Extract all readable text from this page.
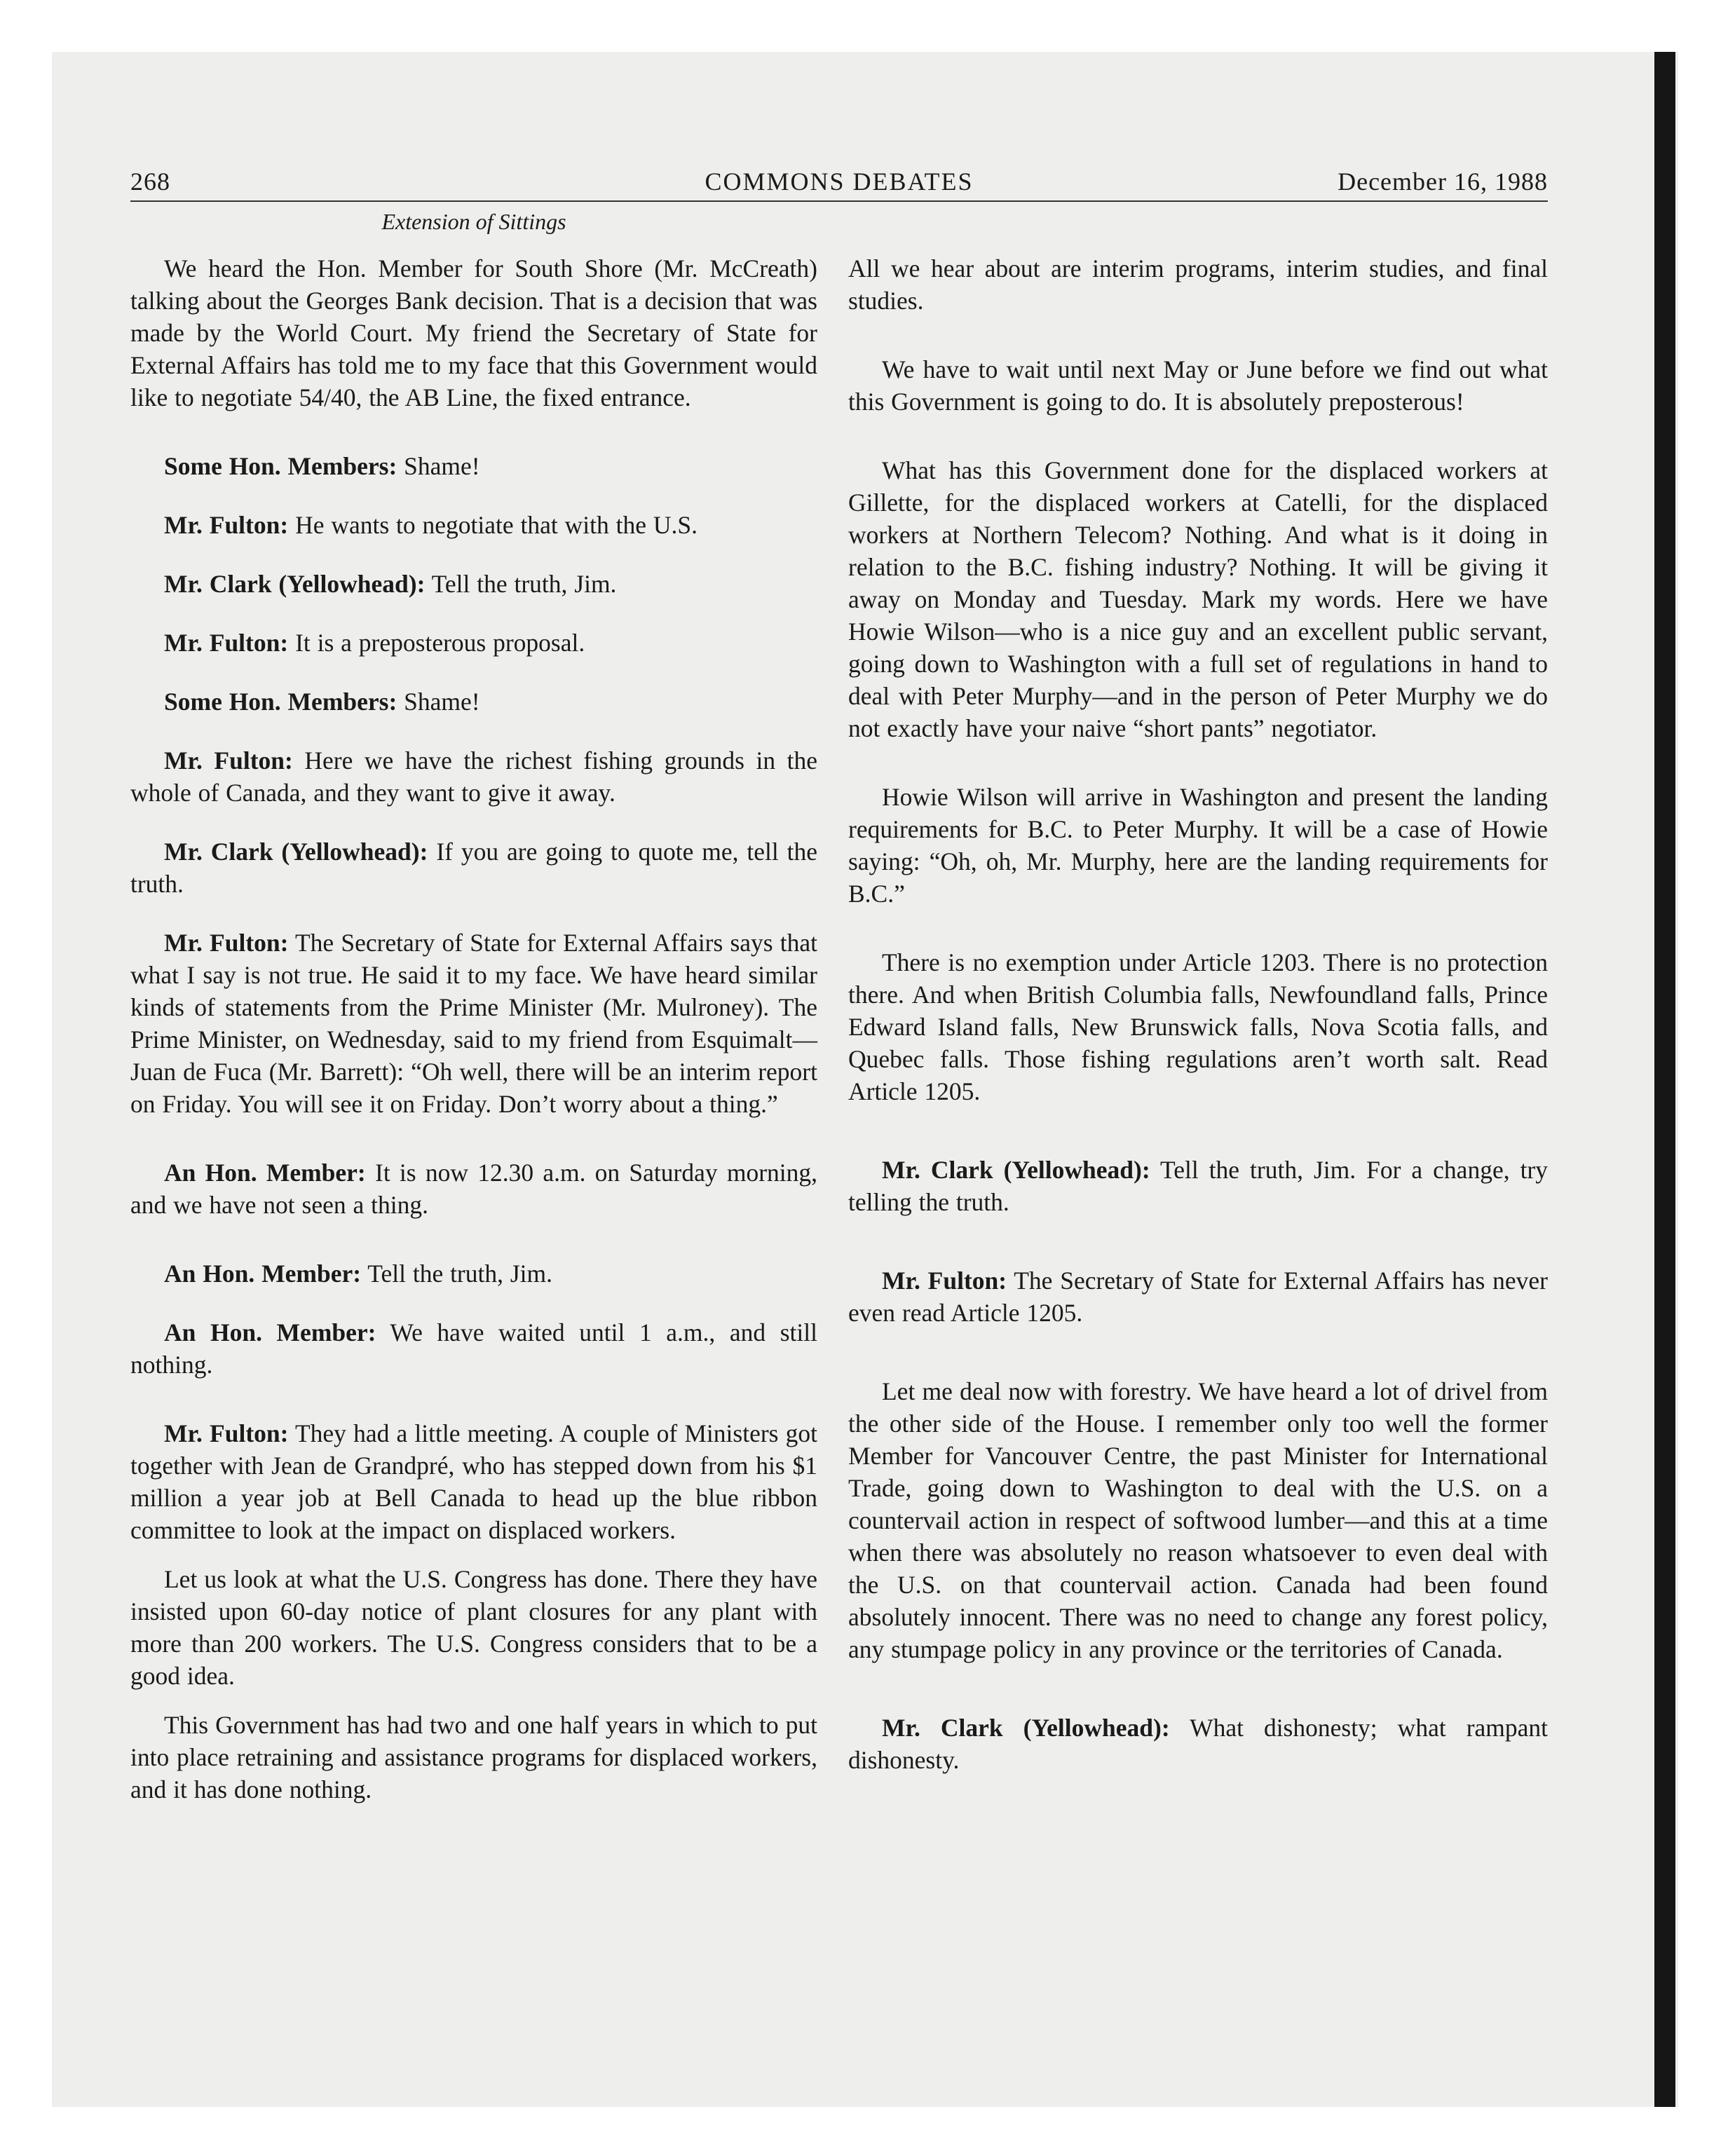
268	COMMONS DEBATES	December 16, 1988
Extension of Sittings

We heard the Hon. Member for South Shore (Mr. McCreath) talking about the Georges Bank decision. That is a decision that was made by the World Court. My friend the Secretary of State for External Affairs has told me to my face that this Government would like to negotiate 54/40, the AB Line, the fixed entrance.

Some Hon. Members: Shame!

Mr. Fulton: He wants to negotiate that with the U.S.

Mr. Clark (Yellowhead): Tell the truth, Jim.

Mr. Fulton: It is a preposterous proposal.

Some Hon. Members: Shame!

Mr. Fulton: Here we have the richest fishing grounds in the whole of Canada, and they want to give it away.

Mr. Clark (Yellowhead): If you are going to quote me, tell the truth.

Mr. Fulton: The Secretary of State for External Affairs says that what I say is not true. He said it to my face. We have heard similar kinds of statements from the Prime Minister (Mr. Mulroney). The Prime Minister, on Wednesday, said to my friend from Esquimalt—Juan de Fuca (Mr. Barrett): “Oh well, there will be an interim report on Friday. You will see it on Friday. Don’t worry about a thing.”

An Hon. Member: It is now 12.30 a.m. on Saturday morning, and we have not seen a thing.

An Hon. Member: Tell the truth, Jim.

An Hon. Member: We have waited until 1 a.m., and still nothing.

Mr. Fulton: They had a little meeting. A couple of Ministers got together with Jean de Grandpré, who has stepped down from his $1 million a year job at Bell Canada to head up the blue ribbon committee to look at the impact on displaced workers.

Let us look at what the U.S. Congress has done. There they have insisted upon 60-day notice of plant closures for any plant with more than 200 workers. The U.S. Congress considers that to be a good idea.

This Government has had two and one half years in which to put into place retraining and assistance programs for displaced workers, and it has done nothing.

All we hear about are interim programs, interim studies, and final studies.

We have to wait until next May or June before we find out what this Government is going to do. It is absolutely preposterous!

What has this Government done for the displaced workers at Gillette, for the displaced workers at Catelli, for the displaced workers at Northern Telecom? Nothing. And what is it doing in relation to the B.C. fishing industry? Nothing. It will be giving it away on Monday and Tuesday. Mark my words. Here we have Howie Wilson—who is a nice guy and an excellent public servant, going down to Washington with a full set of regulations in hand to deal with Peter Murphy—and in the person of Peter Murphy we do not exactly have your naive “short pants” negotiator.

Howie Wilson will arrive in Washington and present the landing requirements for B.C. to Peter Murphy. It will be a case of Howie saying: “Oh, oh, Mr. Murphy, here are the landing requirements for B.C.”

There is no exemption under Article 1203. There is no protection there. And when British Columbia falls, Newfoundland falls, Prince Edward Island falls, New Brunswick falls, Nova Scotia falls, and Quebec falls. Those fishing regulations aren’t worth salt. Read Article 1205.

Mr. Clark (Yellowhead): Tell the truth, Jim. For a change, try telling the truth.

Mr. Fulton: The Secretary of State for External Affairs has never even read Article 1205.

Let me deal now with forestry. We have heard a lot of drivel from the other side of the House. I remember only too well the former Member for Vancouver Centre, the past Minister for International Trade, going down to Washington to deal with the U.S. on a countervail action in respect of softwood lumber—and this at a time when there was absolutely no reason whatsoever to even deal with the U.S. on that countervail action. Canada had been found absolutely innocent. There was no need to change any forest policy, any stumpage policy in any province or the territories of Canada.

Mr. Clark (Yellowhead): What dishonesty; what rampant dishonesty.
